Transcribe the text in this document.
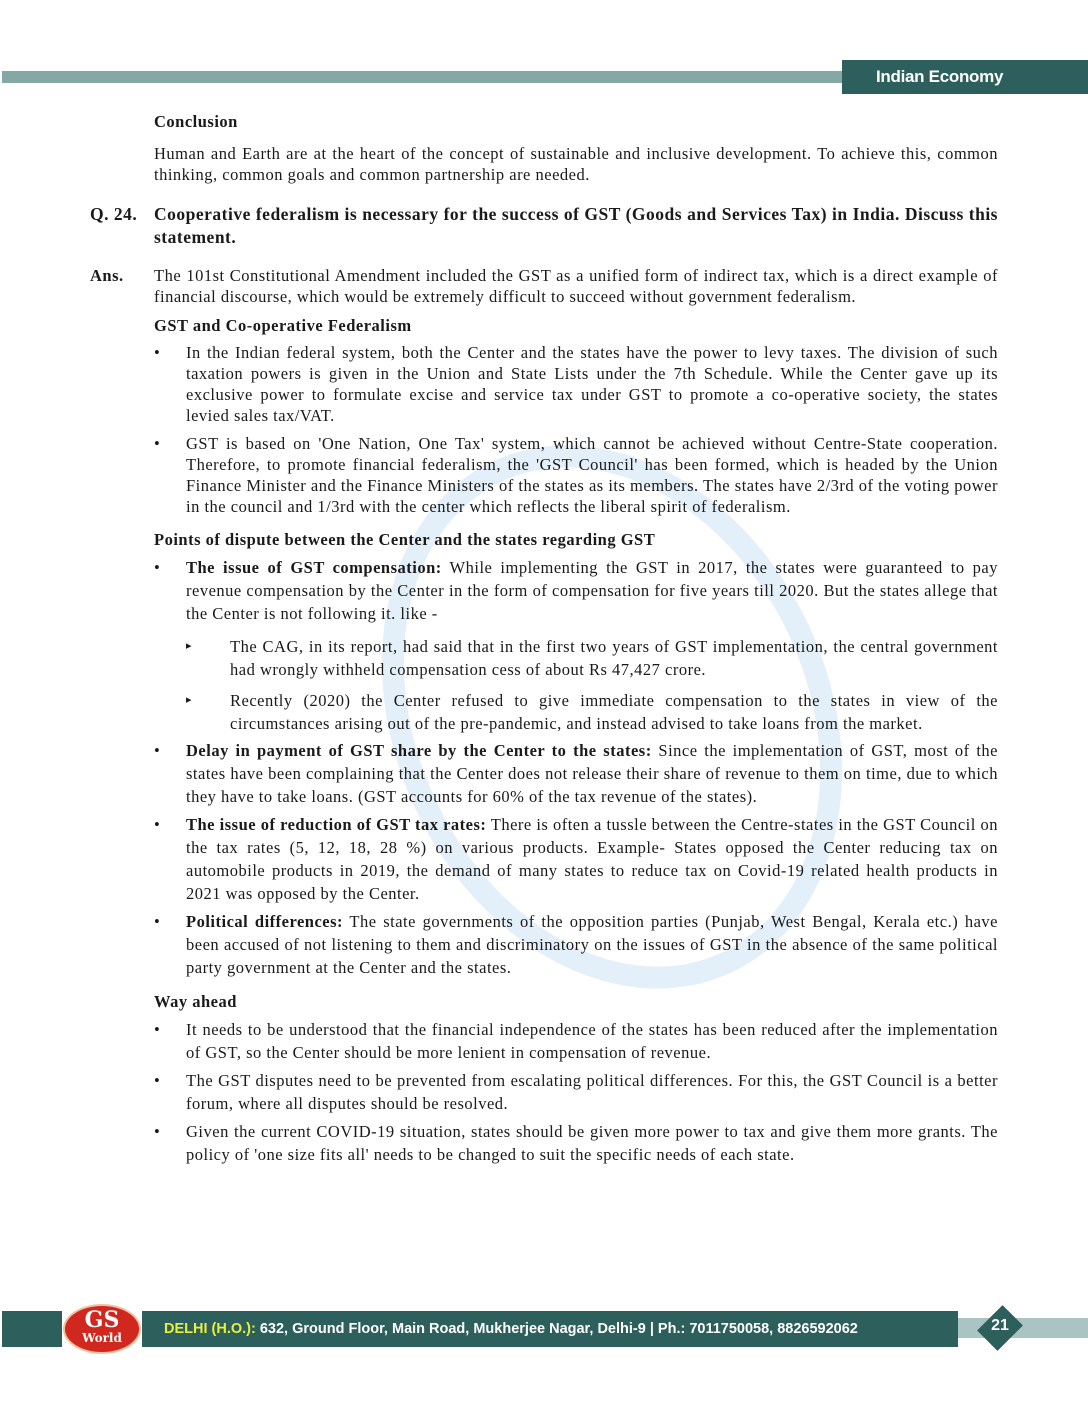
Indian Economy
Conclusion
Human and Earth are at the heart of the concept of sustainable and inclusive development. To achieve this, common thinking, common goals and common partnership are needed.
Q. 24. Cooperative federalism is necessary for the success of GST (Goods and Services Tax) in India. Discuss this statement.
Ans.	The 101st Constitutional Amendment included the GST as a unified form of indirect tax, which is a direct example of financial discourse, which would be extremely difficult to succeed without government federalism.
GST and Co-operative Federalism
•	In the Indian federal system, both the Center and the states have the power to levy taxes. The division of such taxation powers is given in the Union and State Lists under the 7th Schedule. While the Center gave up its exclusive power to formulate excise and service tax under GST to promote a co-operative society, the states levied sales tax/VAT.
•	GST is based on 'One Nation, One Tax' system, which cannot be achieved without Centre-State cooperation. Therefore, to promote financial federalism, the 'GST Council' has been formed, which is headed by the Union Finance Minister and the Finance Ministers of the states as its members. The states have 2/3rd of the voting power in the council and 1/3rd with the center which reflects the liberal spirit of federalism.
Points of dispute between the Center and the states regarding GST
•	The issue of GST compensation: While implementing the GST in 2017, the states were guaranteed to pay revenue compensation by the Center in the form of compensation for five years till 2020. But the states allege that the Center is not following it. like -
▸	The CAG, in its report, had said that in the first two years of GST implementation, the central government had wrongly withheld compensation cess of about Rs 47,427 crore.
▸	Recently (2020) the Center refused to give immediate compensation to the states in view of the circumstances arising out of the pre-pandemic, and instead advised to take loans from the market.
•	Delay in payment of GST share by the Center to the states: Since the implementation of GST, most of the states have been complaining that the Center does not release their share of revenue to them on time, due to which they have to take loans. (GST accounts for 60% of the tax revenue of the states).
•	The issue of reduction of GST tax rates: There is often a tussle between the Centre-states in the GST Council on the tax rates (5, 12, 18, 28 %) on various products. Example- States opposed the Center reducing tax on automobile products in 2019, the demand of many states to reduce tax on Covid-19 related health products in 2021 was opposed by the Center.
•	Political differences: The state governments of the opposition parties (Punjab, West Bengal, Kerala etc.) have been accused of not listening to them and discriminatory on the issues of GST in the absence of the same political party government at the Center and the states.
Way ahead
•	It needs to be understood that the financial independence of the states has been reduced after the implementation of GST, so the Center should be more lenient in compensation of revenue.
•	The GST disputes need to be prevented from escalating political differences. For this, the GST Council is a better forum, where all disputes should be resolved.
•	Given the current COVID-19 situation, states should be given more power to tax and give them more grants. The policy of 'one size fits all' needs to be changed to suit the specific needs of each state.
DELHI (H.O.): 632, Ground Floor, Main Road, Mukherjee Nagar, Delhi-9 | Ph.: 7011750058, 8826592062
GS
World
21
